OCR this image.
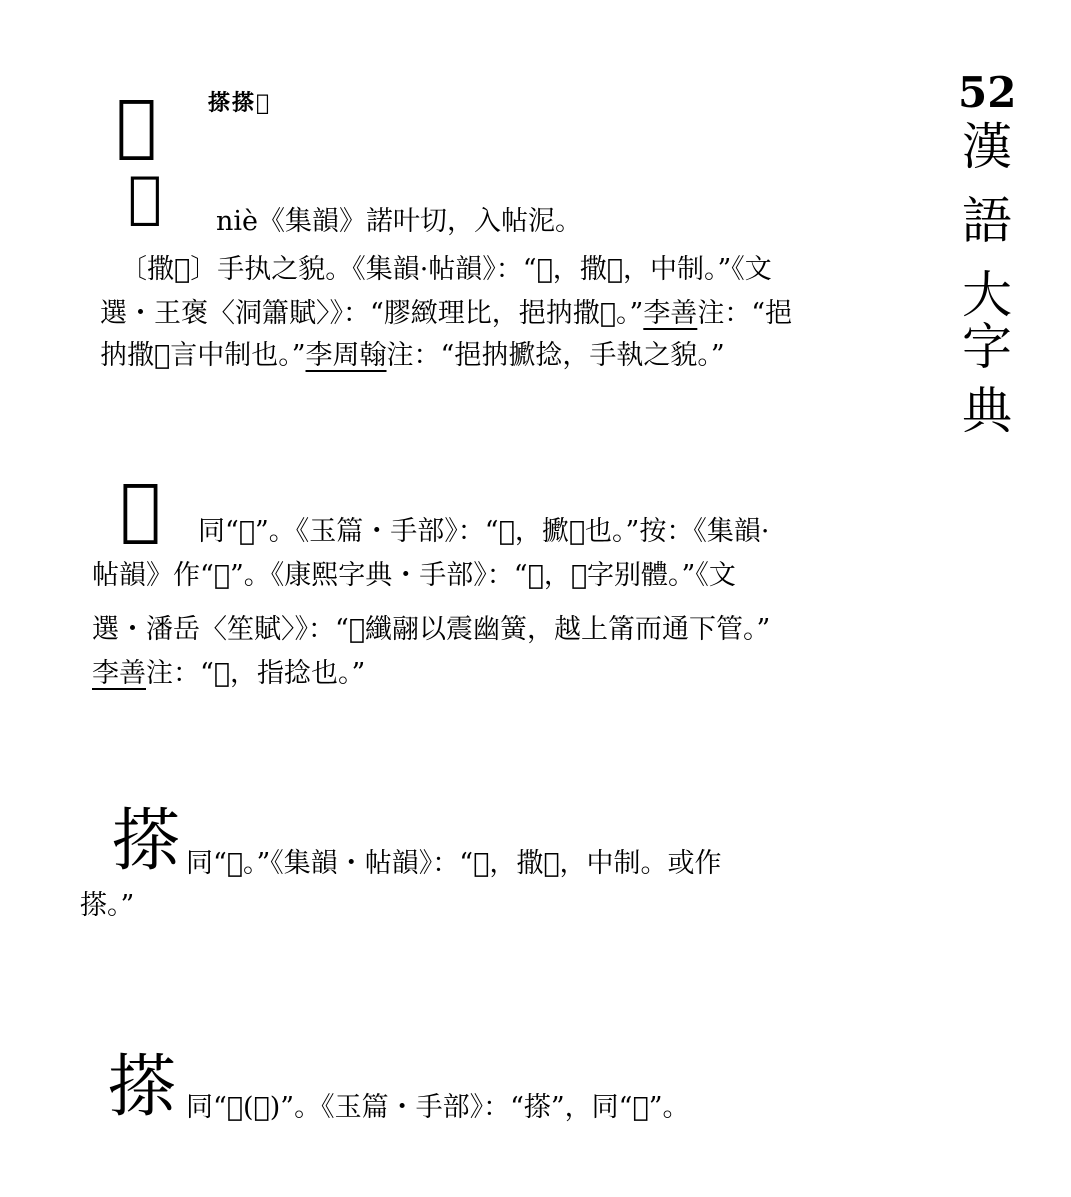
52
漢
語
大
字
典
𢹾 搽搽𢹾
𢹾 niè《集韻》諾叶切，入帖泥。
〔撒𢹾〕手执之貌。《集韻·帖韻》：“𢹾，撒𢹾，中制。”《文
選・王褒〈洞簫賦〉》：“膠緻理比，挹抐撒𢹾。”李善注：“挹
抐撒𢹾言中制也。”李周翰注：“挹抐擨捻，手執之貌。”
𢹾 同“𢹾”。《玉篇・手部》：“𢹾，擨𢹾也。”按：《集韻·
帖韻》作“𢹾”。《康熙字典・手部》：“𢹾，𢹾字别體。”《文
選・潘岳〈笙賦〉》：“𢹾纖翮以震幽簧，越上筩而通下管。”
李善注：“𢹾，指捻也。”
搽 同“𢹾。”《集韻・帖韻》：“𢹾，撒𢹾，中制。或作
搽。”
搽 同“𢹾(𢹾)”。《玉篇・手部》：“搽”，同“𢹾”。
